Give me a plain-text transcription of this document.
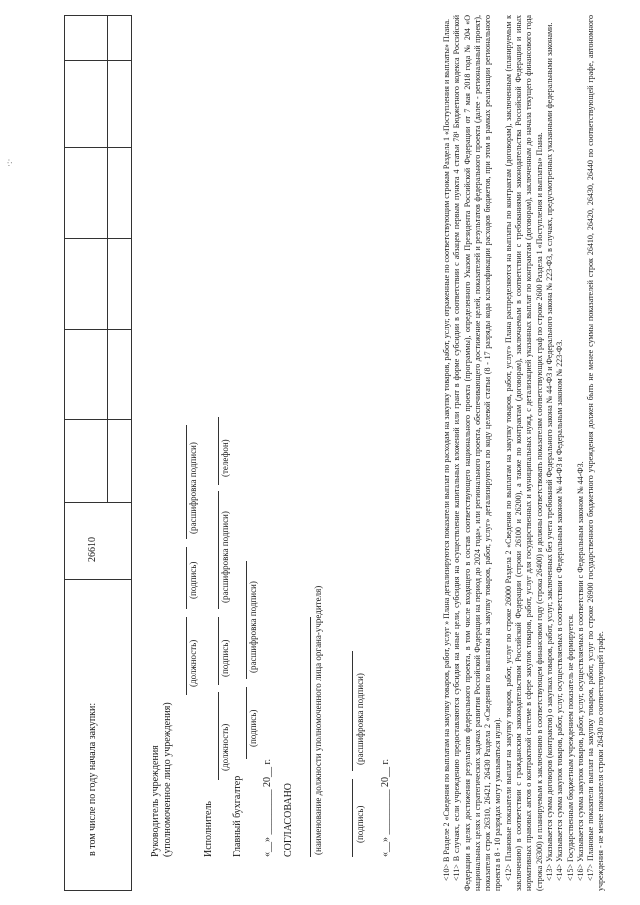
в том числе по году начала закупки:
26610
Руководитель учреждения (уполномоченное лицо учреждения)
(должность)
(подпись)
(расшифровка подписи)
Исполнитель
(должность)
(подпись)
(расшифровка подписи)
(телефон)
Главный бухгалтер
(подпись)
(расшифровка подписи)
«__» _________ 20__ г. СОГЛАСОВАНО (наименование должности уполномоченного лица органа-учредителя)	(подпись)
(расшифровка подписи)
«__» _________ 20__ г.	<10> В Разделе 2 «Сведения по выплатам на закупку товаров, работ, услуг » Плана детализируются показатели выплат по расходам на закупку товаров, работ, услуг, отраженные по соответствующим строкам Раздела 1 «Поступления и выплаты» Плана. <11> В случаях, если учреждению предоставляются субсидия на иные цели, субсидия на осуществление капитальных вложений или грант в форме субсидии в соответствии с абзацем первым пункта 4 статьи 78¹ Бюджетного кодекса Российской Федерации в целях достижения результатов федерального проекта, в том числе входящего в состав соответствующего национального проекта (программы), определенного Указом Президента Российской Федерации от 7 мая 2018 года № 204 «О национальных целях и стратегических задачах развития Российской Федерации на период до 2024 года», или регионального проекта, обеспечивающего достижение целей, показателей и результатов федерального проекта (далее - региональный проект), показатели строк 26310, 26421, 26430 Раздела 2 «Сведения по выплатам на закупку товаров, работ, услуг» детализируются по коду целевой статьи (8 - 17 разряды кода классификации расходов бюджетов, при этом в рамках реализации регионального проекта в 8 - 10 разрядах могут указываться нули). <12> Плановые показатели выплат на закупку товаров, работ, услуг по строке 26000 Раздела 2 «Сведения по выплатам на закупку товаров, работ, услуг» Плана распределяются на выплаты по контрактам (договорам), заключенным (планируемым к заключению) в соответствии с гражданским законодательством Российской Федерации (строки 26100 и 26200), а также по контрактам (договорам), заключаемым в соответствии с требованиями законодательства Российской Федерации и иных нормативных правовых актов о контрактной системе в сфере закупок товаров, работ, услуг для государственных и муниципальных нужд, с детализацией указанных выплат по контрактам (договорам), заключенным до начала текущего финансового года (строка 26300) и планируемым к заключению в соответствующем финансовом году (строка 26400) и должны соответствовать показателям соответствующих граф по строке 2600 Раздела 1 «Поступления и выплаты» Плана. <13> Указывается сумма договоров (контрактов) о закупках товаров, работ, услуг, заключенных без учета требований Федерального закона № 44-ФЗ и Федерального закона № 223-ФЗ, в случаях, предусмотренных указанными федеральными законами. <14> Указывается сумма закупок товаров, работ, услуг, осуществляемых в соответствии с Федеральным законом № 44-ФЗ и Федеральным законом № 223-ФЗ. <15> Государственным бюджетным учреждением показатель не формируется. <16> Указывается сумма закупок товаров, работ, услуг, осуществляемых в соответствии с Федеральным законом № 44-ФЗ. <17> Плановые показатели выплат на закупку товаров, работ, услуг по строке 26900 государственного бюджетного учреждения должен быть не менее суммы показателей строк 26410, 26420, 26430, 26440 по соответствующей графе, автономного учреждения - не менее показателя строки 26430 по соответствующей графе.

·:·
